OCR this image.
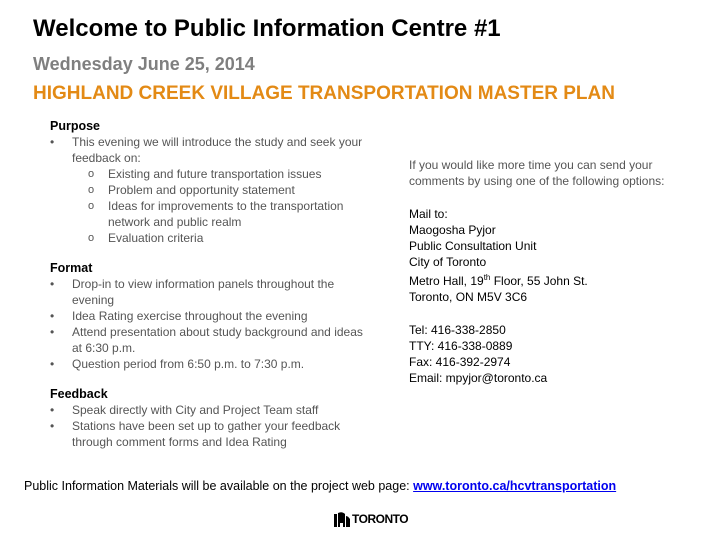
Welcome to Public Information Centre #1
Wednesday June 25, 2014
HIGHLAND CREEK VILLAGE TRANSPORTATION MASTER PLAN
Purpose
• This evening we will introduce the study and seek your feedback on:
o Existing and future transportation issues
o Problem and opportunity statement
o Ideas for improvements to the transportation network and public realm
o Evaluation criteria
Format
• Drop-in to view information panels throughout the evening
• Idea Rating exercise throughout the evening
• Attend presentation about study background and ideas at 6:30 p.m.
• Question period from 6:50 p.m. to 7:30 p.m.
Feedback
• Speak directly with City and Project Team staff
• Stations have been set up to gather your feedback through comment forms and Idea Rating
If you would like more time you can send your comments by using one of the following options:
Mail to:
Maogosha Pyjor
Public Consultation Unit
City of Toronto
Metro Hall, 19th Floor, 55 John St.
Toronto, ON M5V 3C6
Tel: 416-338-2850
TTY: 416-338-0889
Fax: 416-392-2974
Email: mpyjor@toronto.ca
Public Information Materials will be available on the project web page: www.toronto.ca/hcvtransportation
TORONTO
